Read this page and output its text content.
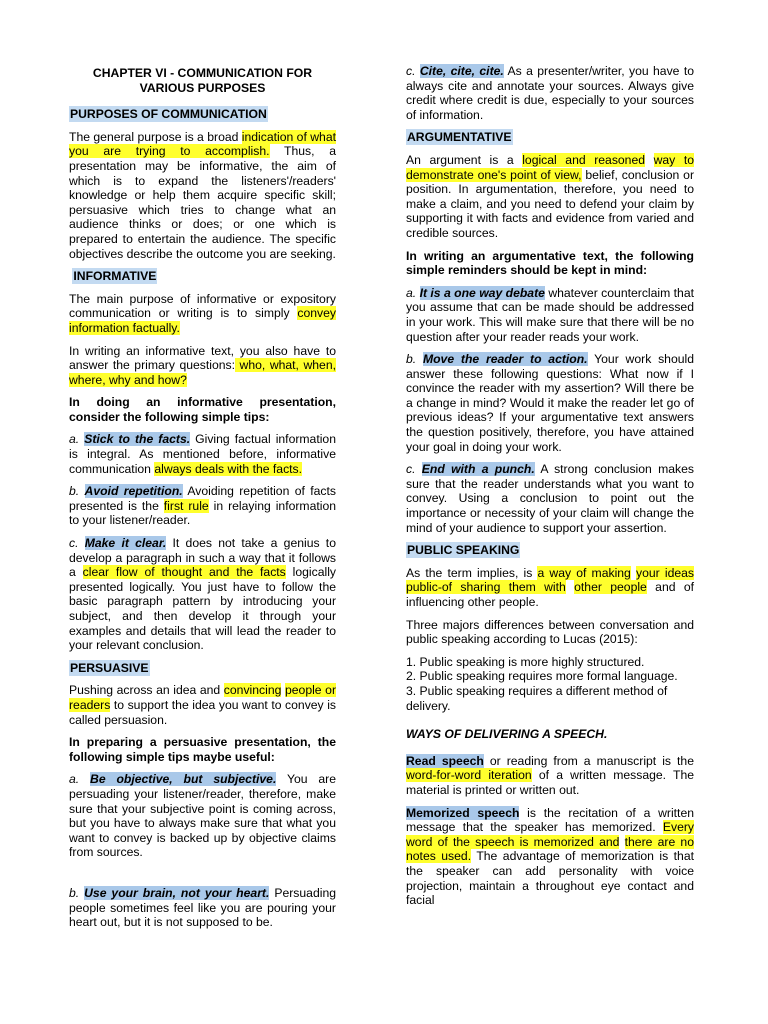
CHAPTER VI - COMMUNICATION FOR VARIOUS PURPOSES
PURPOSES OF COMMUNICATION
The general purpose is a broad indication of what you are trying to accomplish. Thus, a presentation may be informative, the aim of which is to expand the listeners'/readers' knowledge or help them acquire specific skill; persuasive which tries to change what an audience thinks or does; or one which is prepared to entertain the audience. The specific objectives describe the outcome you are seeking.
INFORMATIVE
The main purpose of informative or expository communication or writing is to simply convey information factually.
In writing an informative text, you also have to answer the primary questions: who, what, when, where, why and how?
In doing an informative presentation, consider the following simple tips:
a. Stick to the facts. Giving factual information is integral. As mentioned before, informative communication always deals with the facts.
b. Avoid repetition. Avoiding repetition of facts presented is the first rule in relaying information to your listener/reader.
c. Make it clear. It does not take a genius to develop a paragraph in such a way that it follows a clear flow of thought and the facts logically presented logically. You just have to follow the basic paragraph pattern by introducing your subject, and then develop it through your examples and details that will lead the reader to your relevant conclusion.
PERSUASIVE
Pushing across an idea and convincing people or readers to support the idea you want to convey is called persuasion.
In preparing a persuasive presentation, the following simple tips maybe useful:
a. Be objective, but subjective. You are persuading your listener/reader, therefore, make sure that your subjective point is coming across, but you have to always make sure that what you want to convey is backed up by objective claims from sources.
b. Use your brain, not your heart. Persuading people sometimes feel like you are pouring your heart out, but it is not supposed to be.
c. Cite, cite, cite. As a presenter/writer, you have to always cite and annotate your sources. Always give credit where credit is due, especially to your sources of information.
ARGUMENTATIVE
An argument is a logical and reasoned way to demonstrate one's point of view, belief, conclusion or position. In argumentation, therefore, you need to make a claim, and you need to defend your claim by supporting it with facts and evidence from varied and credible sources.
In writing an argumentative text, the following simple reminders should be kept in mind:
a. It is a one way debate whatever counterclaim that you assume that can be made should be addressed in your work. This will make sure that there will be no question after your reader reads your work.
b. Move the reader to action. Your work should answer these following questions: What now if I convince the reader with my assertion? Will there be a change in mind? Would it make the reader let go of previous ideas? If your argumentative text answers the question positively, therefore, you have attained your goal in doing your work.
c. End with a punch. A strong conclusion makes sure that the reader understands what you want to convey. Using a conclusion to point out the importance or necessity of your claim will change the mind of your audience to support your assertion.
PUBLIC SPEAKING
As the term implies, is a way of making your ideas public-of sharing them with other people and of influencing other people.
Three majors differences between conversation and public speaking according to Lucas (2015):
1. Public speaking is more highly structured.
2. Public speaking requires more formal language.
3. Public speaking requires a different method of delivery.
WAYS OF DELIVERING A SPEECH.
Read speech or reading from a manuscript is the word-for-word iteration of a written message. The material is printed or written out.
Memorized speech is the recitation of a written message that the speaker has memorized. Every word of the speech is memorized and there are no notes used. The advantage of memorization is that the speaker can add personality with voice projection, maintain a throughout eye contact and facial
